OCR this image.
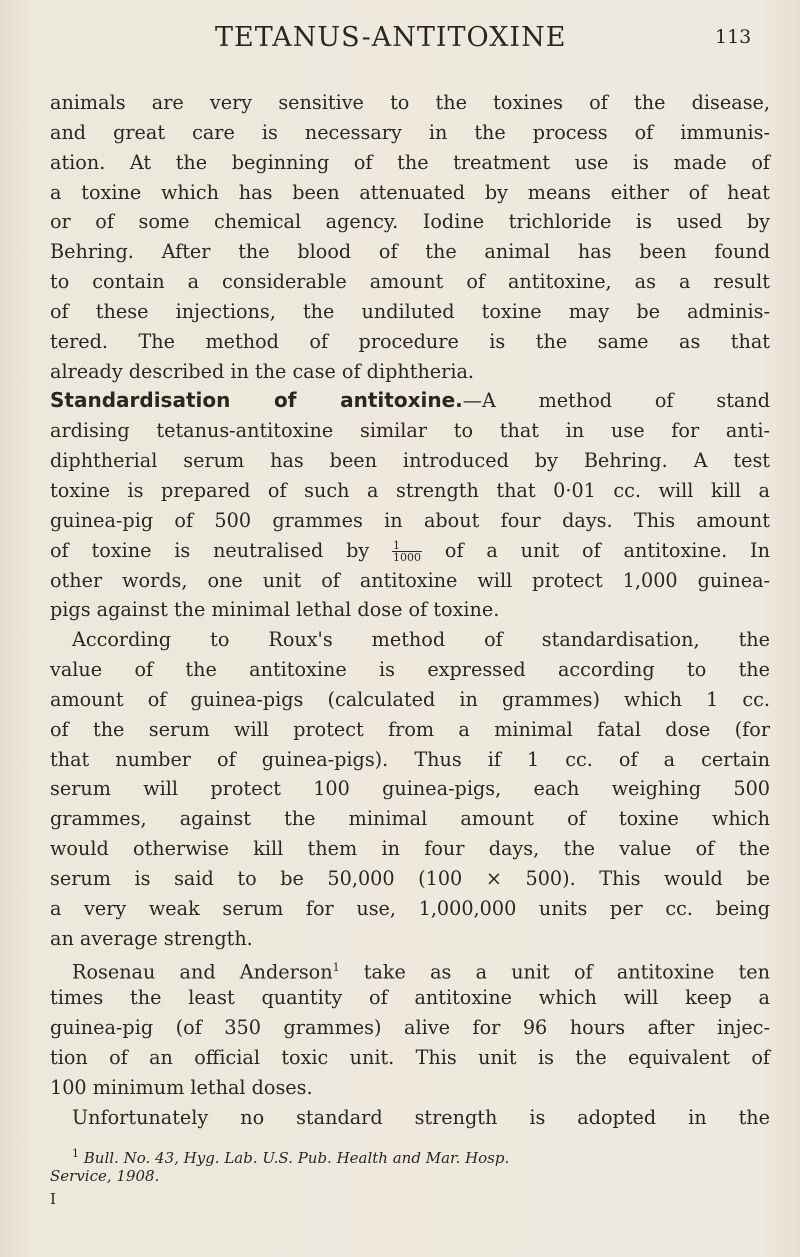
TETANUS-ANTITOXINE	113
animals are very sensitive to the toxines of the disease,
and great care is necessary in the process of immunis-
ation. At the beginning of the treatment use is made of
a toxine which has been attenuated by means either of heat
or of some chemical agency. Iodine trichloride is used by
Behring. After the blood of the animal has been found
to contain a considerable amount of antitoxine, as a result
of these injections, the undiluted toxine may be adminis-
tered. The method of procedure is the same as that
already described in the case of diphtheria.
Standardisation of antitoxine.—A method of stand
ardising tetanus-antitoxine similar to that in use for anti-
diphtherial serum has been introduced by Behring. A test
toxine is prepared of such a strength that 0·01 cc. will kill a
guinea-pig of 500 grammes in about four days. This amount
of toxine is neutralised by $\frac{1}{1000}$ of a unit of antitoxine. In
other words, one unit of antitoxine will protect 1,000 guinea-
pigs against the minimal lethal dose of toxine.
According to Roux's method of standardisation, the
value of the antitoxine is expressed according to the
amount of guinea-pigs (calculated in grammes) which 1 cc.
of the serum will protect from a minimal fatal dose (for
that number of guinea-pigs). Thus if 1 cc. of a certain
serum will protect 100 guinea-pigs, each weighing 500
grammes, against the minimal amount of toxine which
would otherwise kill them in four days, the value of the
serum is said to be 50,000 (100 × 500). This would be
a very weak serum for use, 1,000,000 units per cc. being
an average strength.
Rosenau and Anderson$^1$ take as a unit of antitoxine ten
times the least quantity of antitoxine which will keep a
guinea-pig (of 350 grammes) alive for 96 hours after injec-
tion of an official toxic unit. This unit is the equivalent of
100 minimum lethal doses.
Unfortunately no standard strength is adopted in the
$^1$ Bull. No. 43, Hyg. Lab. U.S. Pub. Health and Mar. Hosp.
Service, 1908.
I
